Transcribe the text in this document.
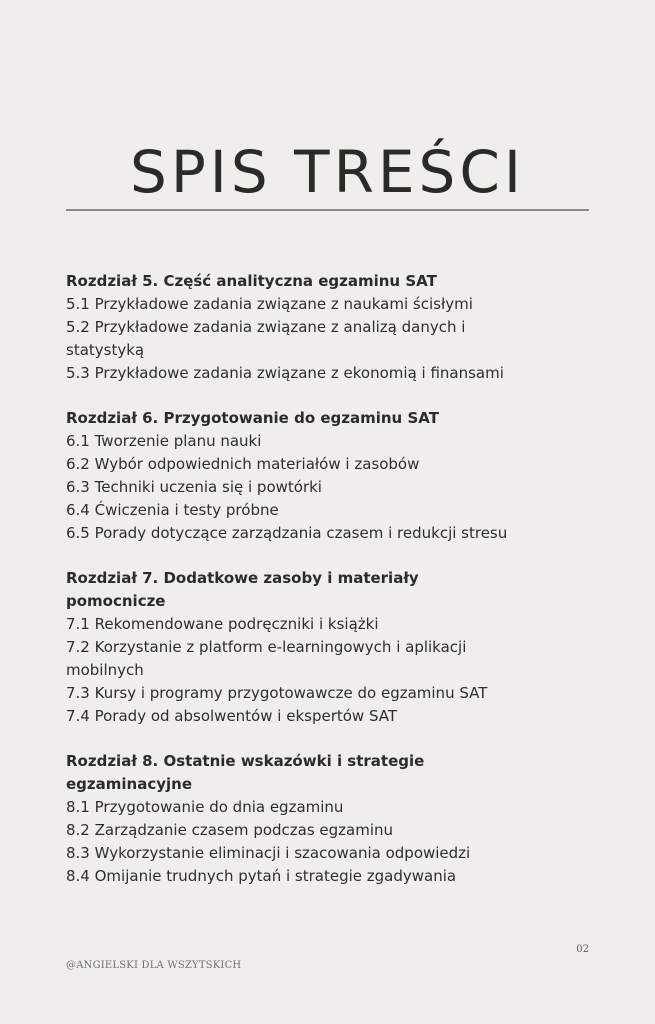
SPIS TREŚCI

Rozdział 5. Część analityczna egzaminu SAT

5.1 Przykładowe zadania związane z naukami ścisłymi

5.2 Przykładowe zadania związane z analizą danych i statystyką

5.3 Przykładowe zadania związane z ekonomią i finansami

Rozdział 6. Przygotowanie do egzaminu SAT

6.1 Tworzenie planu nauki

6.2 Wybór odpowiednich materiałów i zasobów

6.3 Techniki uczenia się i powtórki

6.4 Ćwiczenia i testy próbne

6.5 Porady dotyczące zarządzania czasem i redukcji stresu

Rozdział 7. Dodatkowe zasoby i materiały pomocnicze

7.1 Rekomendowane podręczniki i książki

7.2 Korzystanie z platform e-learningowych i aplikacji mobilnych

7.3 Kursy i programy przygotowawcze do egzaminu SAT

7.4 Porady od absolwentów i ekspertów SAT

Rozdział 8. Ostatnie wskazówki i strategie egzaminacyjne

8.1 Przygotowanie do dnia egzaminu

8.2 Zarządzanie czasem podczas egzaminu

8.3 Wykorzystanie eliminacji i szacowania odpowiedzi

8.4 Omijanie trudnych pytań i strategie zgadywania

02
@ANGIELSKI DLA WSZYTSKICH
